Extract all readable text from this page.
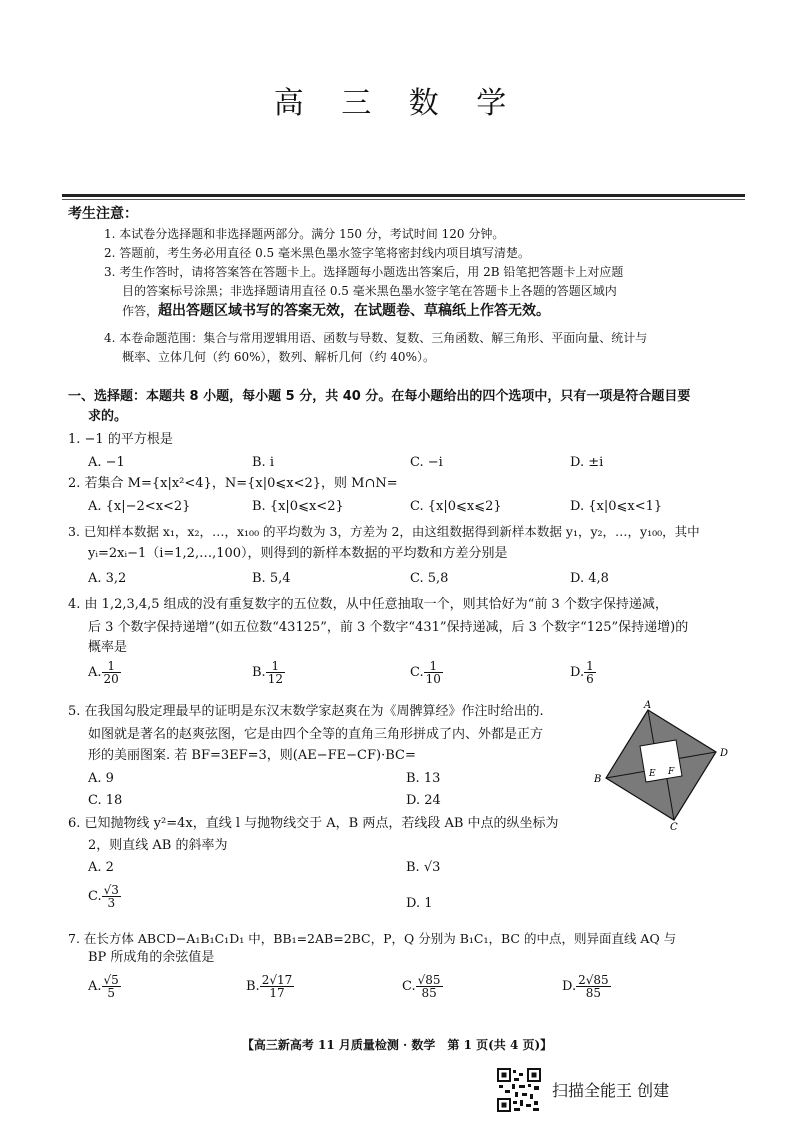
高 三 数 学
考生注意：
1. 本试卷分选择题和非选择题两部分。满分 150 分，考试时间 120 分钟。
2. 答题前，考生务必用直径 0.5 毫米黑色墨水签字笔将密封线内项目填写清楚。
3. 考生作答时，请将答案答在答题卡上。选择题每小题选出答案后，用 2B 铅笔把答题卡上对应题
目的答案标号涂黑；非选择题请用直径 0.5 毫米黑色墨水签字笔在答题卡上各题的答题区域内
作答，超出答题区域书写的答案无效，在试题卷、草稿纸上作答无效。
4. 本卷命题范围：集合与常用逻辑用语、函数与导数、复数、三角函数、解三角形、平面向量、统计与
概率、立体几何（约 60%），数列、解析几何（约 40%）。
一、选择题：本题共 8 小题，每小题 5 分，共 40 分。在每小题给出的四个选项中，只有一项是符合题目要
求的。
1. −1 的平方根是
A. −1	B. i	C. −i	D. ±i
2. 若集合 M={x|x²<4}，N={x|0⩽x<2}，则 M∩N=
A. {x|−2<x<2}	B. {x|0⩽x<2}	C. {x|0⩽x⩽2}	D. {x|0⩽x<1}
3. 已知样本数据 x₁，x₂，…，x₁₀₀ 的平均数为 3，方差为 2，由这组数据得到新样本数据 y₁，y₂，…，y₁₀₀，其中
yᵢ=2xᵢ−1（i=1,2,…,100），则得到的新样本数据的平均数和方差分别是
A. 3,2	B. 5,4	C. 5,8	D. 4,8
4. 由 1,2,3,4,5 组成的没有重复数字的五位数，从中任意抽取一个，则其恰好为“前 3 个数字保持递减，
后 3 个数字保持递增”(如五位数“43125”，前 3 个数字“431”保持递减，后 3 个数字“125”保持递增)的
概率是
A. $\frac{1}{20}$	B. $\frac{1}{12}$	C. $\frac{1}{10}$	D. $\frac{1}{6}$
5. 在我国勾股定理最早的证明是东汉末数学家赵爽在为《周髀算经》作注时给出的.
如图就是著名的赵爽弦图，它是由四个全等的直角三角形拼成了内、外都是正方
形的美丽图案. 若 BF=3EF=3，则(AE−FE−CF)·BC=
A. 9	B. 13
C. 18	D. 24
A
D
C
B	E F
6. 已知抛物线 y²=4x，直线 l 与抛物线交于 A，B 两点，若线段 AB 中点的纵坐标为
2，则直线 AB 的斜率为
A. 2	B. √3
C. $\frac{√3}{3}$	D. 1
7. 在长方体 ABCD−A₁B₁C₁D₁ 中，BB₁=2AB=2BC，P，Q 分别为 B₁C₁，BC 的中点，则异面直线 AQ 与
BP 所成角的余弦值是
A. $\frac{√5}{5}$	B. $\frac{2√17}{17}$	C. $\frac{√85}{85}$	D. $\frac{2√85}{85}$
【高三新高考 11 月质量检测 · 数学　第 1 页(共 4 页)】
扫描全能王 创建
